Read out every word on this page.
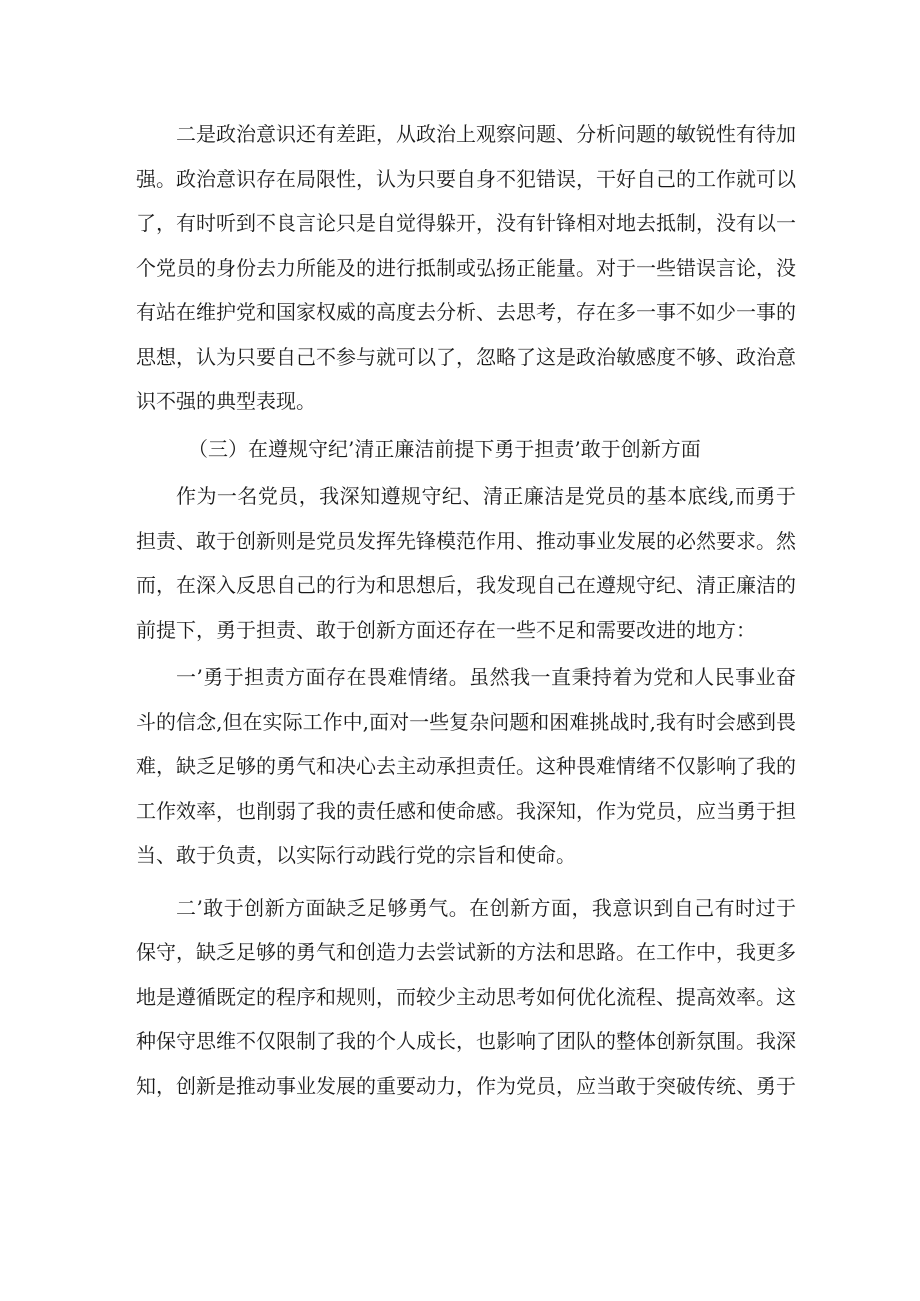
二是政治意识还有差距，从政治上观察问题、分析问题的敏锐性有待加强。政治意识存在局限性，认为只要自身不犯错误，干好自己的工作就可以了，有时听到不良言论只是自觉得躲开，没有针锋相对地去抵制，没有以一个党员的身份去力所能及的进行抵制或弘扬正能量。对于一些错误言论，没有站在维护党和国家权威的高度去分析、去思考，存在多一事不如少一事的思想，认为只要自己不参与就可以了，忽略了这是政治敏感度不够、政治意识不强的典型表现。

（三）在遵规守纪’清正廉洁前提下勇于担责’敢于创新方面

作为一名党员，我深知遵规守纪、清正廉洁是党员的基本底线,而勇于担责、敢于创新则是党员发挥先锋模范作用、推动事业发展的必然要求。然而，在深入反思自己的行为和思想后，我发现自己在遵规守纪、清正廉洁的前提下，勇于担责、敢于创新方面还存在一些不足和需要改进的地方：

一’勇于担责方面存在畏难情绪。虽然我一直秉持着为党和人民事业奋斗的信念,但在实际工作中,面对一些复杂问题和困难挑战时,我有时会感到畏难，缺乏足够的勇气和决心去主动承担责任。这种畏难情绪不仅影响了我的工作效率，也削弱了我的责任感和使命感。我深知，作为党员，应当勇于担当、敢于负责，以实际行动践行党的宗旨和使命。

二’敢于创新方面缺乏足够勇气。在创新方面，我意识到自己有时过于保守，缺乏足够的勇气和创造力去尝试新的方法和思路。在工作中，我更多地是遵循既定的程序和规则，而较少主动思考如何优化流程、提高效率。这种保守思维不仅限制了我的个人成长，也影响了团队的整体创新氛围。我深知，创新是推动事业发展的重要动力，作为党员，应当敢于突破传统、勇于
